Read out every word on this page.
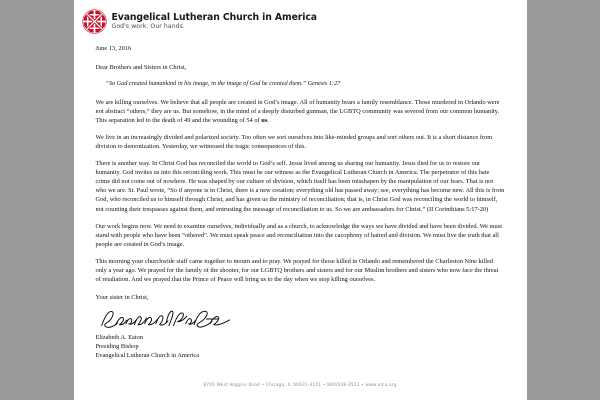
Evangelical Lutheran Church in America
God's work. Our hands.
June 13, 2016
Dear Brothers and Sisters in Christ,
“So God created humankind in his image, in the image of God he created them.” Genesis 1:27

We are killing ourselves. We believe that all people are created in God’s image. All of humanity bears a family resemblance. Those murdered in Orlando were not abstract “others,” they are us. But somehow, in the mind of a deeply disturbed gunman, the LGBTQ community was severed from our common humanity. This separation led to the death of 49 and the wounding of 54 of us.

We live in an increasingly divided and polarized society. Too often we sort ourselves into like-minded groups and sort others out. It is a short distance from division to demonization. Yesterday, we witnessed the tragic consequences of this.

There is another way. In Christ God has reconciled the world to God’s self. Jesus lived among us sharing our humanity. Jesus died for us to restore our humanity. God invites us into this reconciling work. This must be our witness as the Evangelical Lutheran Church in America. The perpetrator of this hate crime did not come out of nowhere. He was shaped by our culture of division, which itself has been misshapen by the manipulation of our fears. That is not who we are. St. Paul wrote, “So if anyone is in Christ, there is a new creation; everything old has passed away; see, everything has become new. All this is from God, who reconciled us to himself through Christ, and has given us the ministry of reconciliation; that is, in Christ God was reconciling the world to himself, not counting their trespasses against them, and entrusting the message of reconciliation to us. So we are ambassadors for Christ.” (II Corinthians 5:17-20)

Our work begins now. We need to examine ourselves, individually and as a church, to acknowledge the ways we have divided and have been divided. We must stand with people who have been “othered”. We must speak peace and reconciliation into the cacophony of hatred and division. We must live the truth that all people are created in God’s image.

This morning your churchwide staff came together to mourn and to pray. We prayed for those killed in Orlando and remembered the Charleston Nine killed only a year ago. We prayed for the family of the shooter, for our LGBTQ brothers and sisters and for our Muslim brothers and sisters who now face the threat of retaliation. And we prayed that the Prince of Peace will bring us to the day when we stop killing ourselves.

Your sister in Christ,
Elizabeth A. Eaton
Presiding Bishop
Evangelical Lutheran Church in America
8765 West Higgins Road • Chicago, IL 60631-4101 • 800/638-3522 • www.elca.org
